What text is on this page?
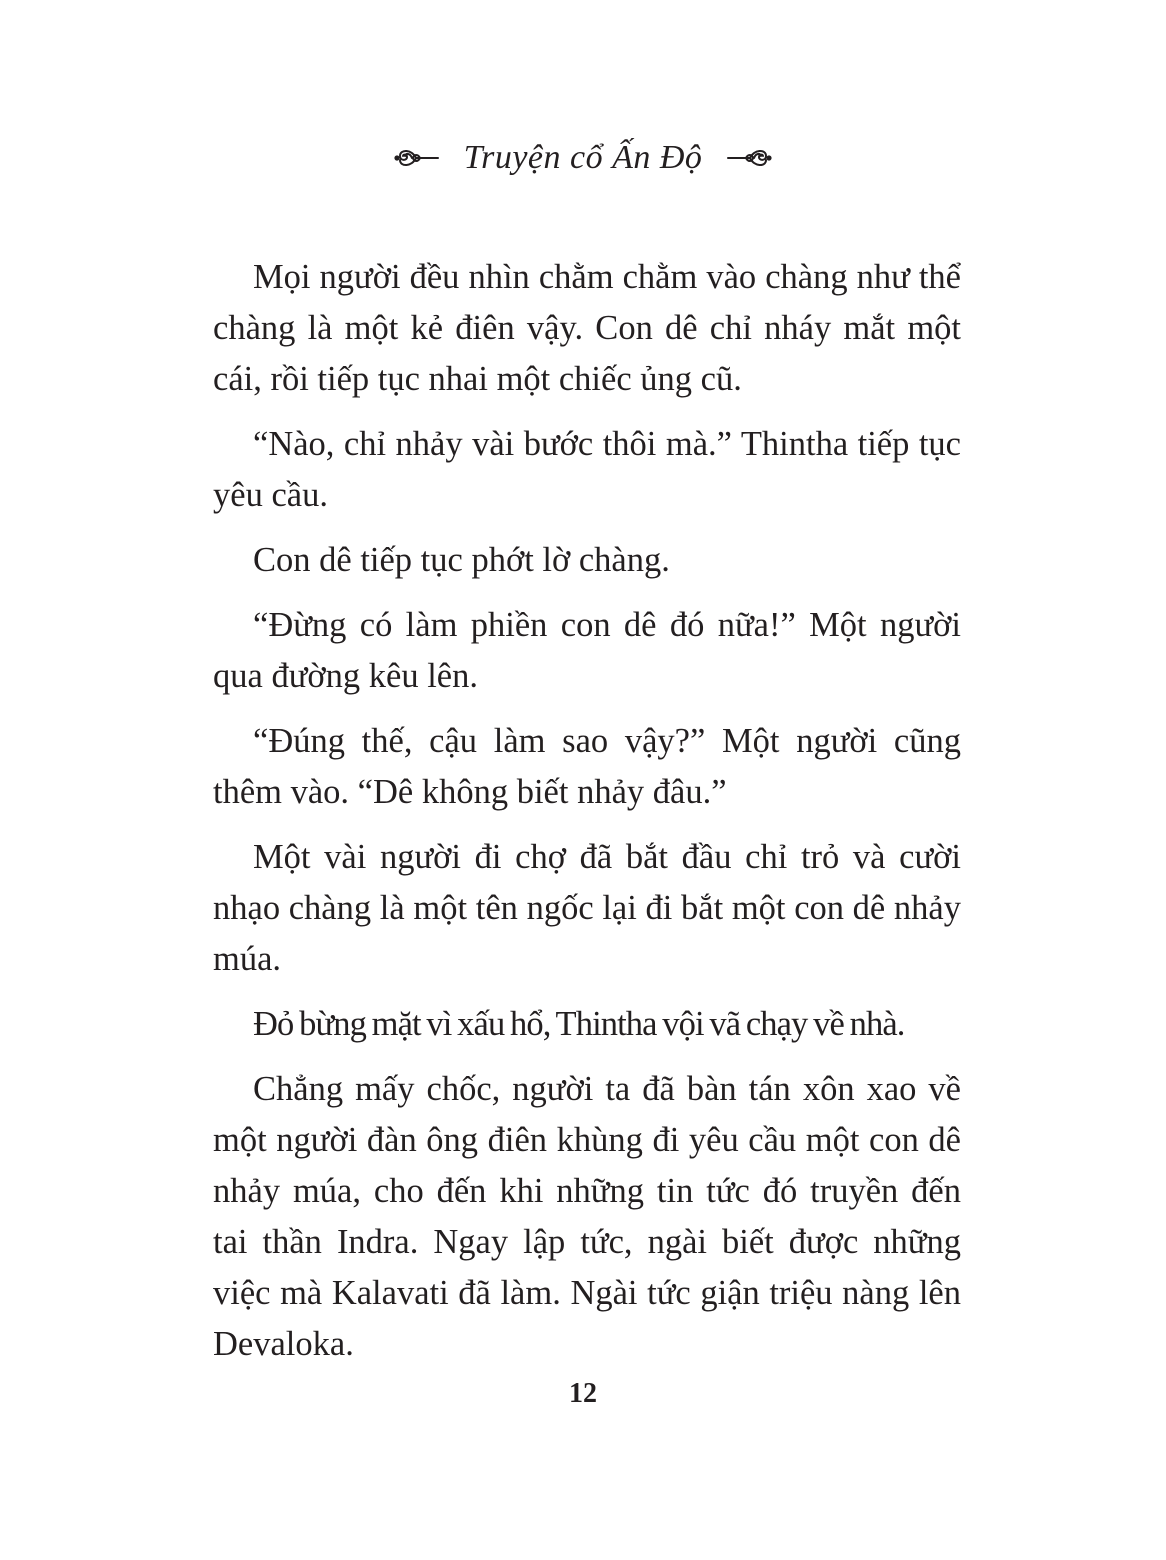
Truyện cổ Ấn Độ

Mọi người đều nhìn chằm chằm vào chàng như thể chàng là một kẻ điên vậy. Con dê chỉ nháy mắt một cái, rồi tiếp tục nhai một chiếc ủng cũ.

“Nào, chỉ nhảy vài bước thôi mà.” Thintha tiếp tục yêu cầu.

Con dê tiếp tục phớt lờ chàng.

“Đừng có làm phiền con dê đó nữa!” Một người qua đường kêu lên.

“Đúng thế, cậu làm sao vậy?” Một người cũng thêm vào. “Dê không biết nhảy đâu.”

Một vài người đi chợ đã bắt đầu chỉ trỏ và cười nhạo chàng là một tên ngốc lại đi bắt một con dê nhảy múa.

Đỏ bừng mặt vì xấu hổ, Thintha vội vã chạy về nhà.

Chẳng mấy chốc, người ta đã bàn tán xôn xao về một người đàn ông điên khùng đi yêu cầu một con dê nhảy múa, cho đến khi những tin tức đó truyền đến tai thần Indra. Ngay lập tức, ngài biết được những việc mà Kalavati đã làm. Ngài tức giận triệu nàng lên Devaloka.

12
